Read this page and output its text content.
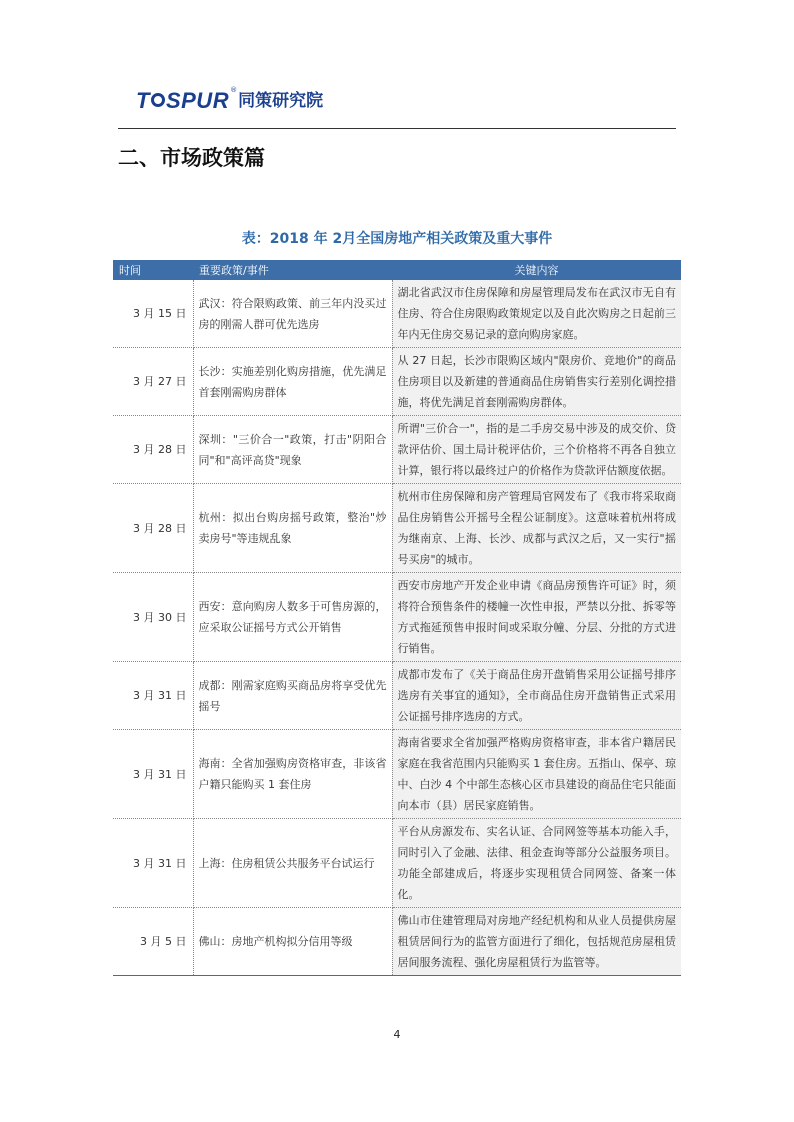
T SPUR ®
同策研究院
二、市场政策篇
表：2018 年 2月全国房地产相关政策及重大事件
时间	重要政策/事件	关键内容
3 月 15 日	武汉：符合限购政策、前三年内没买过房的刚需人群可优先选房	湖北省武汉市住房保障和房屋管理局发布在武汉市无自有住房、符合住房限购政策规定以及自此次购房之日起前三年内无住房交易记录的意向购房家庭。
3 月 27 日	长沙：实施差别化购房措施，优先满足首套刚需购房群体	从 27 日起，长沙市限购区域内"限房价、竞地价"的商品住房项目以及新建的普通商品住房销售实行差别化调控措施，将优先满足首套刚需购房群体。
3 月 28 日	深圳："三价合一"政策，打击"阴阳合同"和"高评高贷"现象	所谓"三价合一"，指的是二手房交易中涉及的成交价、贷款评估价、国土局计税评估价，三个价格将不再各自独立计算，银行将以最终过户的价格作为贷款评估额度依据。
3 月 28 日	杭州：拟出台购房摇号政策，整治"炒卖房号"等违规乱象	杭州市住房保障和房产管理局官网发布了《我市将采取商品住房销售公开摇号全程公证制度》。这意味着杭州将成为继南京、上海、长沙、成都与武汉之后，又一实行"摇号买房"的城市。
3 月 30 日	西安：意向购房人数多于可售房源的，应采取公证摇号方式公开销售	西安市房地产开发企业申请《商品房预售许可证》时，须将符合预售条件的楼幢一次性申报，严禁以分批、拆零等方式拖延预售申报时间或采取分幢、分层、分批的方式进行销售。
3 月 31 日	成都：刚需家庭购买商品房将享受优先摇号	成都市发布了《关于商品住房开盘销售采用公证摇号排序选房有关事宜的通知》，全市商品住房开盘销售正式采用公证摇号排序选房的方式。
3 月 31 日	海南：全省加强购房资格审查，非该省户籍只能购买 1 套住房	海南省要求全省加强严格购房资格审查，非本省户籍居民家庭在我省范围内只能购买 1 套住房。五指山、保亭、琼中、白沙 4 个中部生态核心区市县建设的商品住宅只能面向本市（县）居民家庭销售。
3 月 31 日	上海：住房租赁公共服务平台试运行	平台从房源发布、实名认证、合同网签等基本功能入手，同时引入了金融、法律、租金查询等部分公益服务项目。功能全部建成后，将逐步实现租赁合同网签、备案一体化。
3 月 5 日	佛山：房地产机构拟分信用等级	佛山市住建管理局对房地产经纪机构和从业人员提供房屋租赁居间行为的监管方面进行了细化，包括规范房屋租赁居间服务流程、强化房屋租赁行为监管等。
4
